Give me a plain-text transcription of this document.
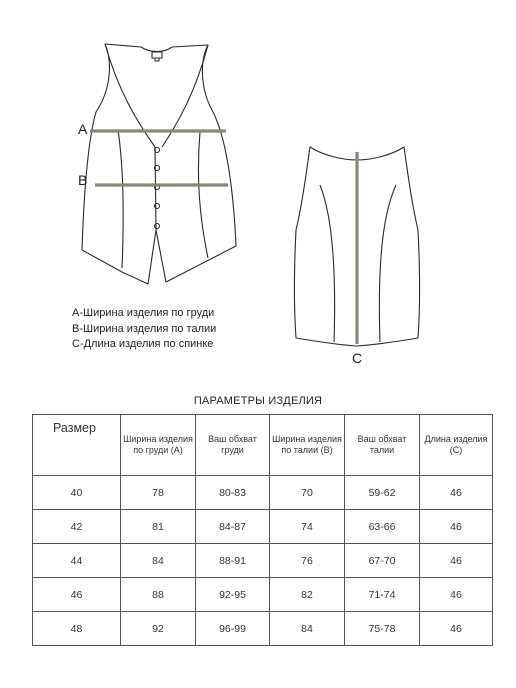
A
B
C
A-Ширина изделия по груди
B-Ширина изделия по талии
C-Длина изделия по спинке
ПАРАМЕТРЫ ИЗДЕЛИЯ
Размер	Ширина изделия по груди (А)	Ваш обхват груди	Ширина изделия по талии (В)	Ваш обхват талии	Длина изделия (С)
40	78	80-83	70	59-62	46
42	81	84-87	74	63-66	46
44	84	88-91	76	67-70	46
46	88	92-95	82	71-74	46
48	92	96-99	84	75-78	46
